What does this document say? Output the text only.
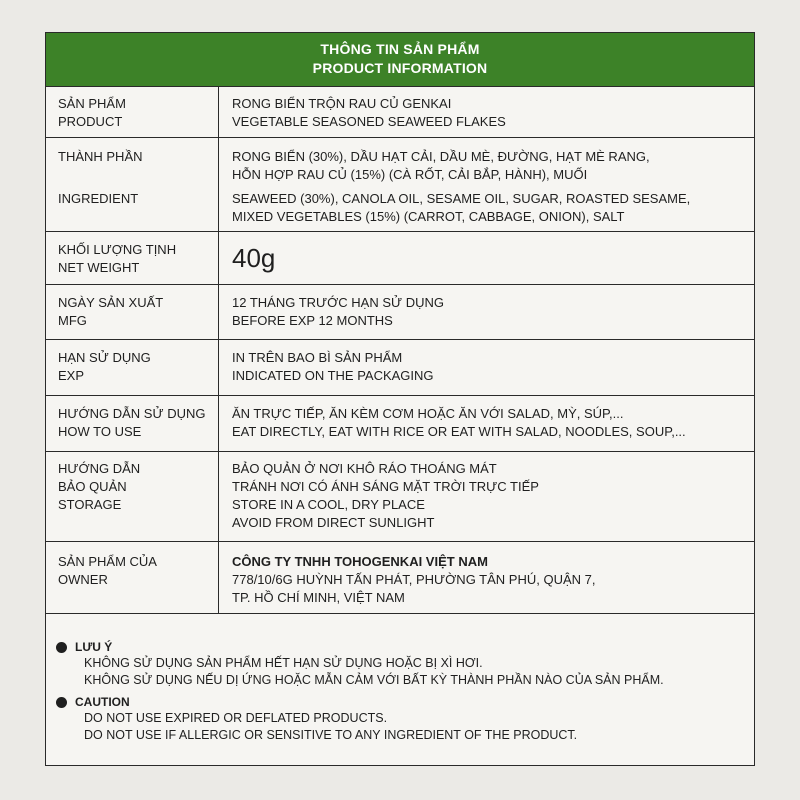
THÔNG TIN SẢN PHẨM
PRODUCT INFORMATION
SẢN PHẨM
PRODUCT
RONG BIỂN TRỘN RAU CỦ GENKAI
VEGETABLE SEASONED SEAWEED FLAKES
THÀNH PHẦN
INGREDIENT
RONG BIỂN (30%), DẦU HẠT CẢI, DẦU MÈ, ĐƯỜNG, HẠT MÈ RANG,
HỖN HỢP RAU CỦ (15%) (CÀ RỐT, CẢI BẮP, HÀNH), MUỐI
SEAWEED (30%), CANOLA OIL, SESAME OIL, SUGAR, ROASTED SESAME,
MIXED VEGETABLES (15%) (CARROT, CABBAGE, ONION), SALT
KHỐI LƯỢNG TỊNH
NET WEIGHT	40g
NGÀY SẢN XUẤT
MFG
12 THÁNG TRƯỚC HẠN SỬ DỤNG
BEFORE EXP 12 MONTHS
HẠN SỬ DỤNG
EXP
IN TRÊN BAO BÌ SẢN PHẨM
INDICATED ON THE PACKAGING
HƯỚNG DẪN SỬ DỤNG
HOW TO USE
ĂN TRỰC TIẾP, ĂN KÈM CƠM HOẶC ĂN VỚI SALAD, MỲ, SÚP,...
EAT DIRECTLY, EAT WITH RICE OR EAT WITH SALAD, NOODLES, SOUP,...
HƯỚNG DẪN
BẢO QUẢN
STORAGE
BẢO QUẢN Ở NƠI KHÔ RÁO THOÁNG MÁT
TRÁNH NƠI CÓ ÁNH SÁNG MẶT TRỜI TRỰC TIẾP
STORE IN A COOL, DRY PLACE
AVOID FROM DIRECT SUNLIGHT
SẢN PHẨM CỦA
OWNER
CÔNG TY TNHH TOHOGENKAI VIỆT NAM
778/10/6G HUỲNH TẤN PHÁT, PHƯỜNG TÂN PHÚ, QUẬN 7,
TP. HỒ CHÍ MINH, VIỆT NAM
LƯU Ý
KHÔNG SỬ DỤNG SẢN PHẨM HẾT HẠN SỬ DỤNG HOẶC BỊ XÌ HƠI.
KHÔNG SỬ DỤNG NẾU DỊ ỨNG HOẶC MẪN CẢM VỚI BẤT KỲ THÀNH PHẦN NÀO CỦA SẢN PHẨM.
CAUTION
DO NOT USE EXPIRED OR DEFLATED PRODUCTS.
DO NOT USE IF ALLERGIC OR SENSITIVE TO ANY INGREDIENT OF THE PRODUCT.
